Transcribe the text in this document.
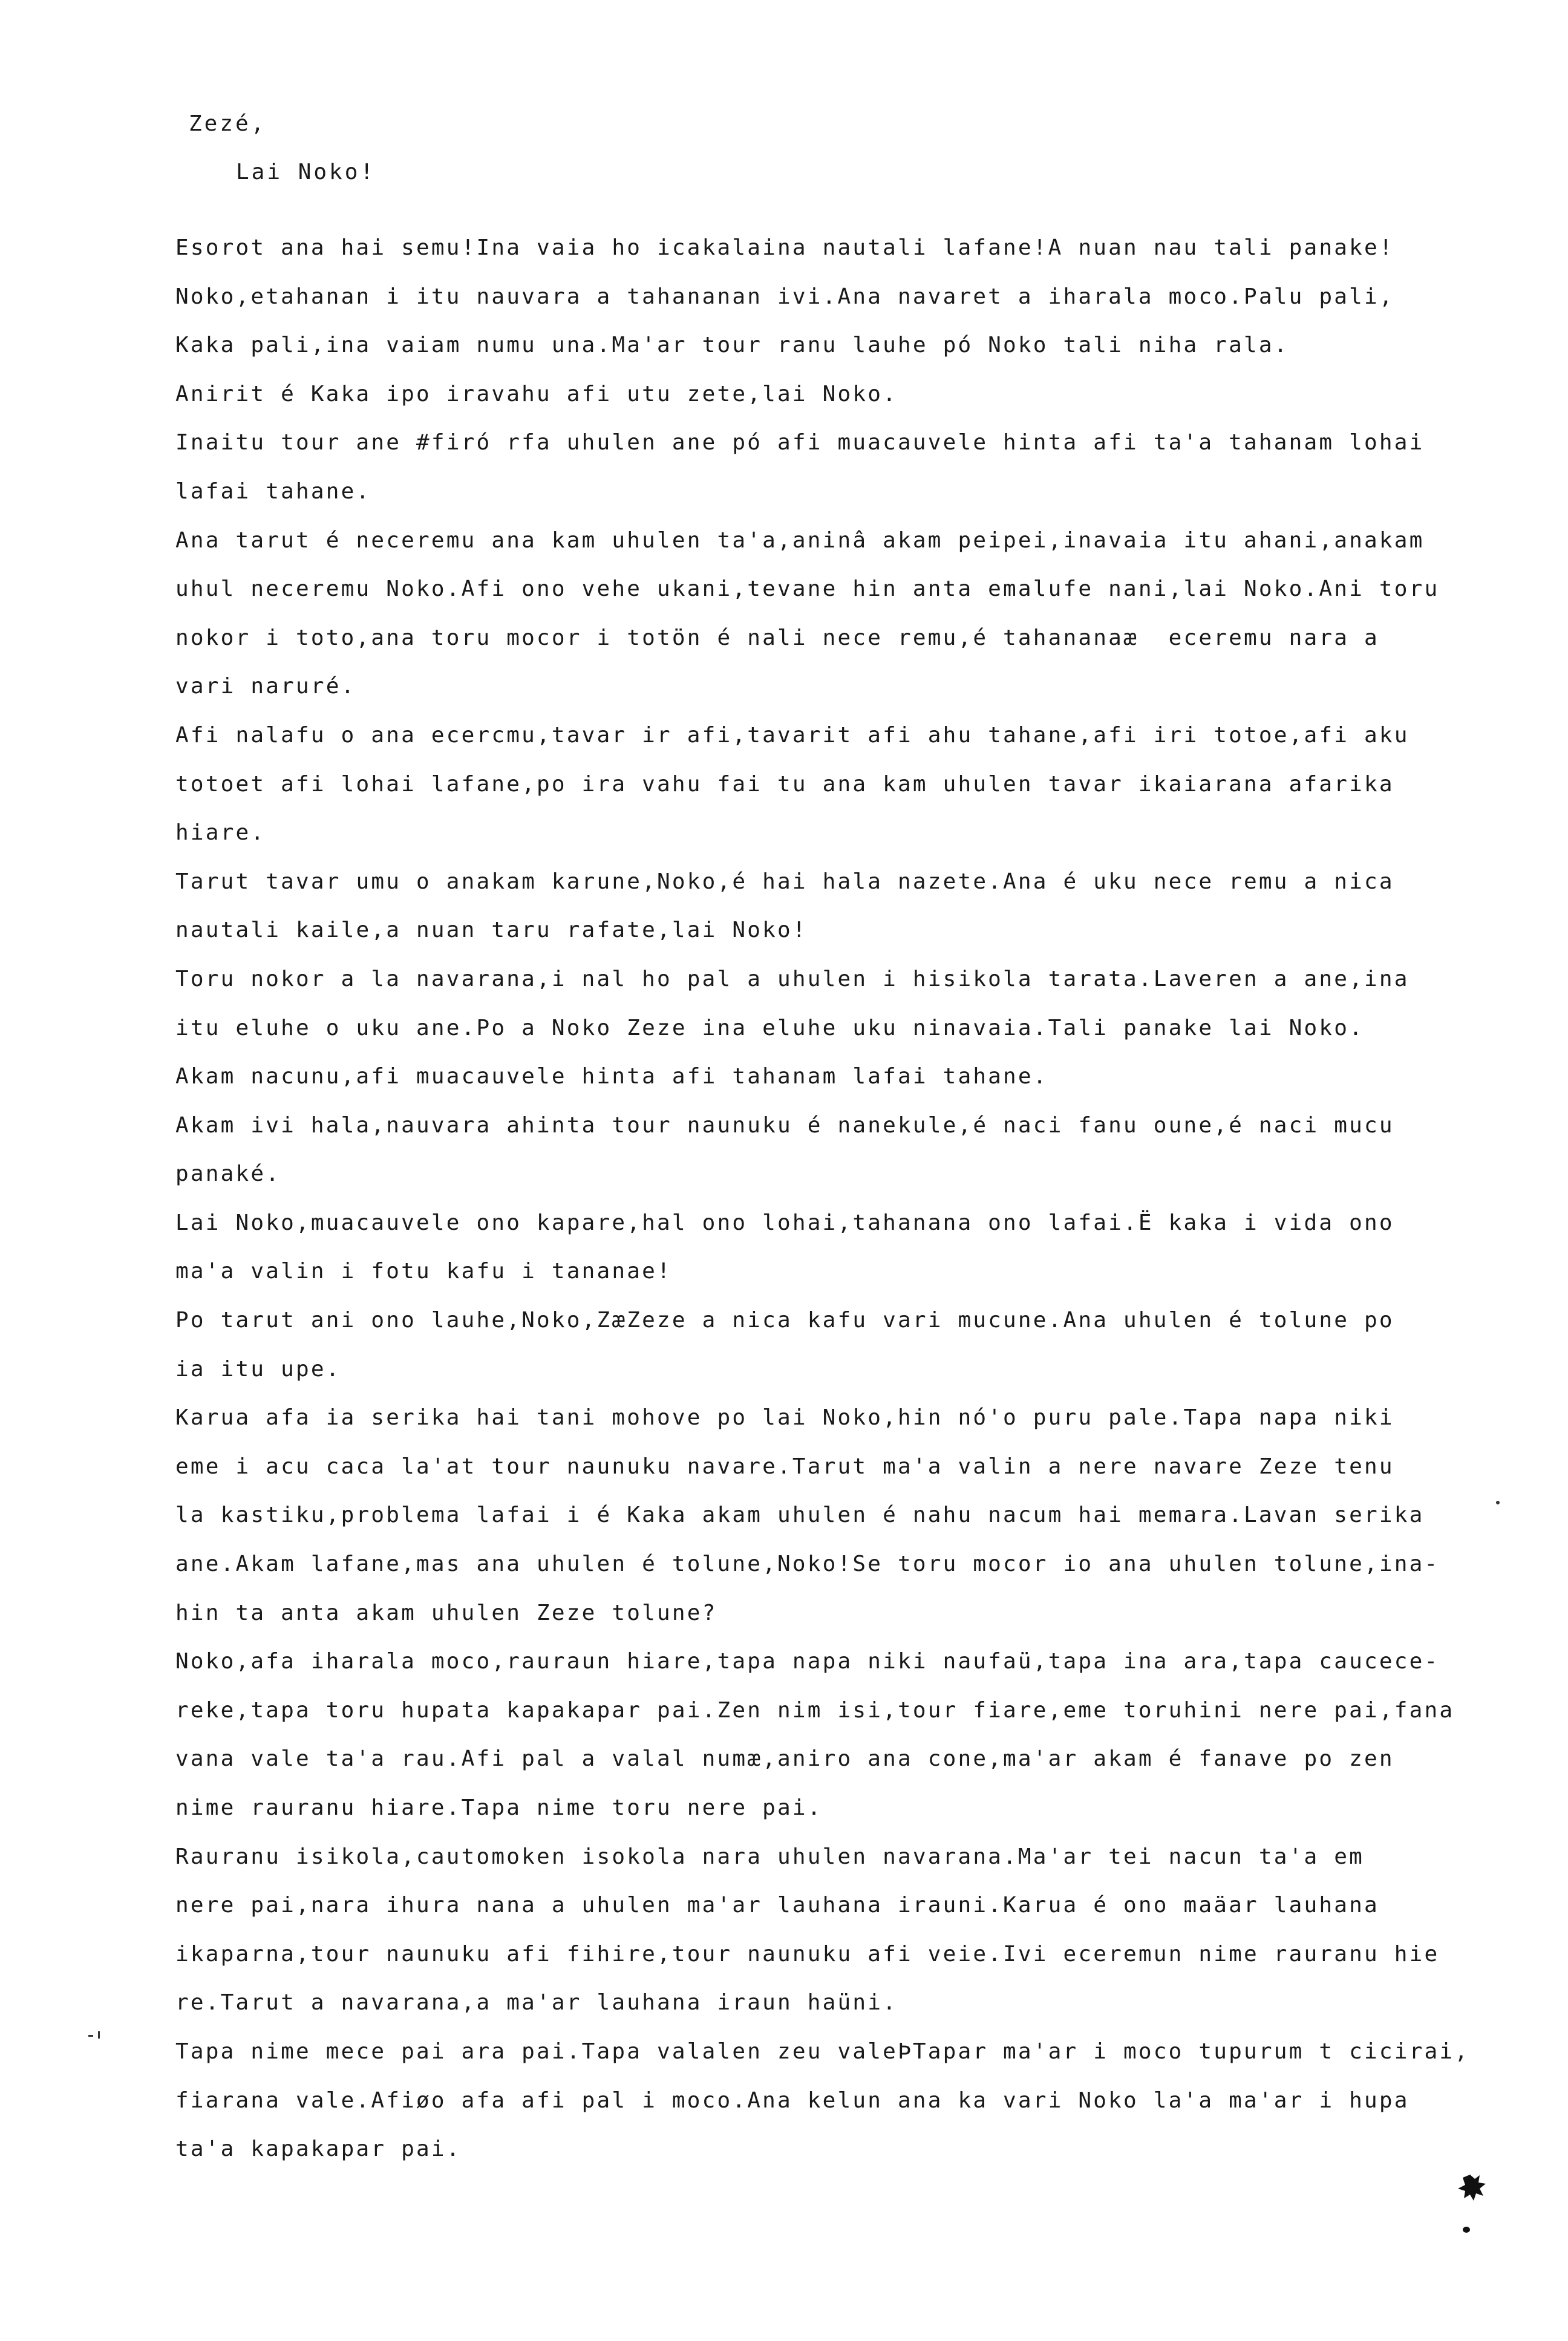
Zezé,
Lai Noko!
Esorot ana hai semu!Ina vaia ho icakalaina nautali lafane!A nuan nau tali panake!
Noko,etahanan i itu nauvara a tahananan ivi.Ana navaret a iharala moco.Palu pali,
Kaka pali,ina vaiam numu una.Ma'ar tour ranu lauhe pó Noko tali niha rala.
Anirit é Kaka ipo iravahu afi utu zete,lai Noko.
Inaitu tour ane #firó rfa uhulen ane pó afi muacauvele hinta afi ta'a tahanam lohai
lafai tahane.
Ana tarut é neceremu ana kam uhulen ta'a,aninâ akam peipei,inavaia itu ahani,anakam
uhul neceremu Noko.Afi ono vehe ukani,tevane hin anta emalufe nani,lai Noko.Ani toru
nokor i toto,ana toru mocor i totön é nali nece remu,é tahananaæ  eceremu nara a
vari naruré.
Afi nalafu o ana ecercmu,tavar ir afi,tavarit afi ahu tahane,afi iri totoe,afi aku
totoet afi lohai lafane,po ira vahu fai tu ana kam uhulen tavar ikaiarana afarika
hiare.
Tarut tavar umu o anakam karune,Noko,é hai hala nazete.Ana é uku nece remu a nica
nautali kaile,a nuan taru rafate,lai Noko!
Toru nokor a la navarana,i nal ho pal a uhulen i hisikola tarata.Laveren a ane,ina
itu eluhe o uku ane.Po a Noko Zeze ina eluhe uku ninavaia.Tali panake lai Noko.
Akam nacunu,afi muacauvele hinta afi tahanam lafai tahane.
Akam ivi hala,nauvara ahinta tour naunuku é nanekule,é naci fanu oune,é naci mucu
panaké.
Lai Noko,muacauvele ono kapare,hal ono lohai,tahanana ono lafai.Ë kaka i vida ono
ma'a valin i fotu kafu i tananae!
Po tarut ani ono lauhe,Noko,ZæZeze a nica kafu vari mucune.Ana uhulen é tolune po
ia itu upe.
Karua afa ia serika hai tani mohove po lai Noko,hin nó'o puru pale.Tapa napa niki
eme i acu caca la'at tour naunuku navare.Tarut ma'a valin a nere navare Zeze tenu
la kastiku,problema lafai i é Kaka akam uhulen é nahu nacum hai memara.Lavan serika
ane.Akam lafane,mas ana uhulen é tolune,Noko!Se toru mocor io ana uhulen tolune,ina-
hin ta anta akam uhulen Zeze tolune?
Noko,afa iharala moco,rauraun hiare,tapa napa niki naufaü,tapa ina ara,tapa caucece-
reke,tapa toru hupata kapakapar pai.Zen nim isi,tour fiare,eme toruhini nere pai,fana
vana vale ta'a rau.Afi pal a valal numæ,aniro ana cone,ma'ar akam é fanave po zen
nime rauranu hiare.Tapa nime toru nere pai.
Rauranu isikola,cautomoken isokola nara uhulen navarana.Ma'ar tei nacun ta'a em
nere pai,nara ihura nana a uhulen ma'ar lauhana irauni.Karua é ono maäar lauhana
ikaparna,tour naunuku afi fihire,tour naunuku afi veie.Ivi eceremun nime rauranu hie
re.Tarut a navarana,a ma'ar lauhana iraun haüni.
Tapa nime mece pai ara pai.Tapa valalen zeu valeÞTapar ma'ar i moco tupurum t cicirai,
fiarana vale.Afiøo afa afi pal i moco.Ana kelun ana ka vari Noko la'a ma'ar i hupa
ta'a kapakapar pai.
